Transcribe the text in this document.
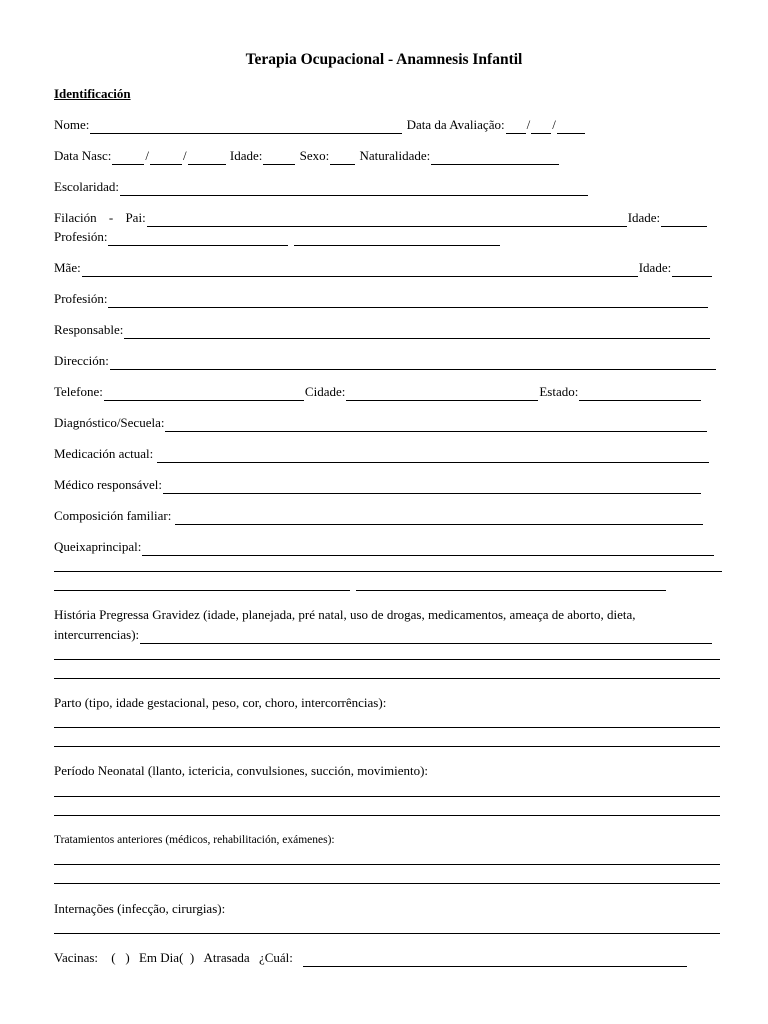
Terapia Ocupacional - Anamnesis Infantil
Identificación
Nome:	Data da Avaliação: / /
Data Nasc:	/	/	Idade:	Sexo: Naturalidade:
Escolaridad:
Filación - Pai:	Idade:
Profesión:
Mãe:	Idade:
Profesión:
Responsable:
Dirección:
Telefone:	Cidade:	Estado:
Diagnóstico/Secuela:
Medicación actual:
Médico responsável:
Composición familiar:
Queixaprincipal:
História Pregressa Gravidez (idade, planejada, pré natal, uso de drogas, medicamentos, ameaça de aborto, dieta,
intercurrencias):
Parto (tipo, idade gestacional, peso, cor, choro, intercorrências):
Período Neonatal (llanto, ictericia, convulsiones, succión, movimiento):
Tratamientos anteriores (médicos, rehabilitación, exámenes):
Internações (infecção, cirurgias):
Vacinas: ( ) Em Dia( ) Atrasada ¿Cuál:
